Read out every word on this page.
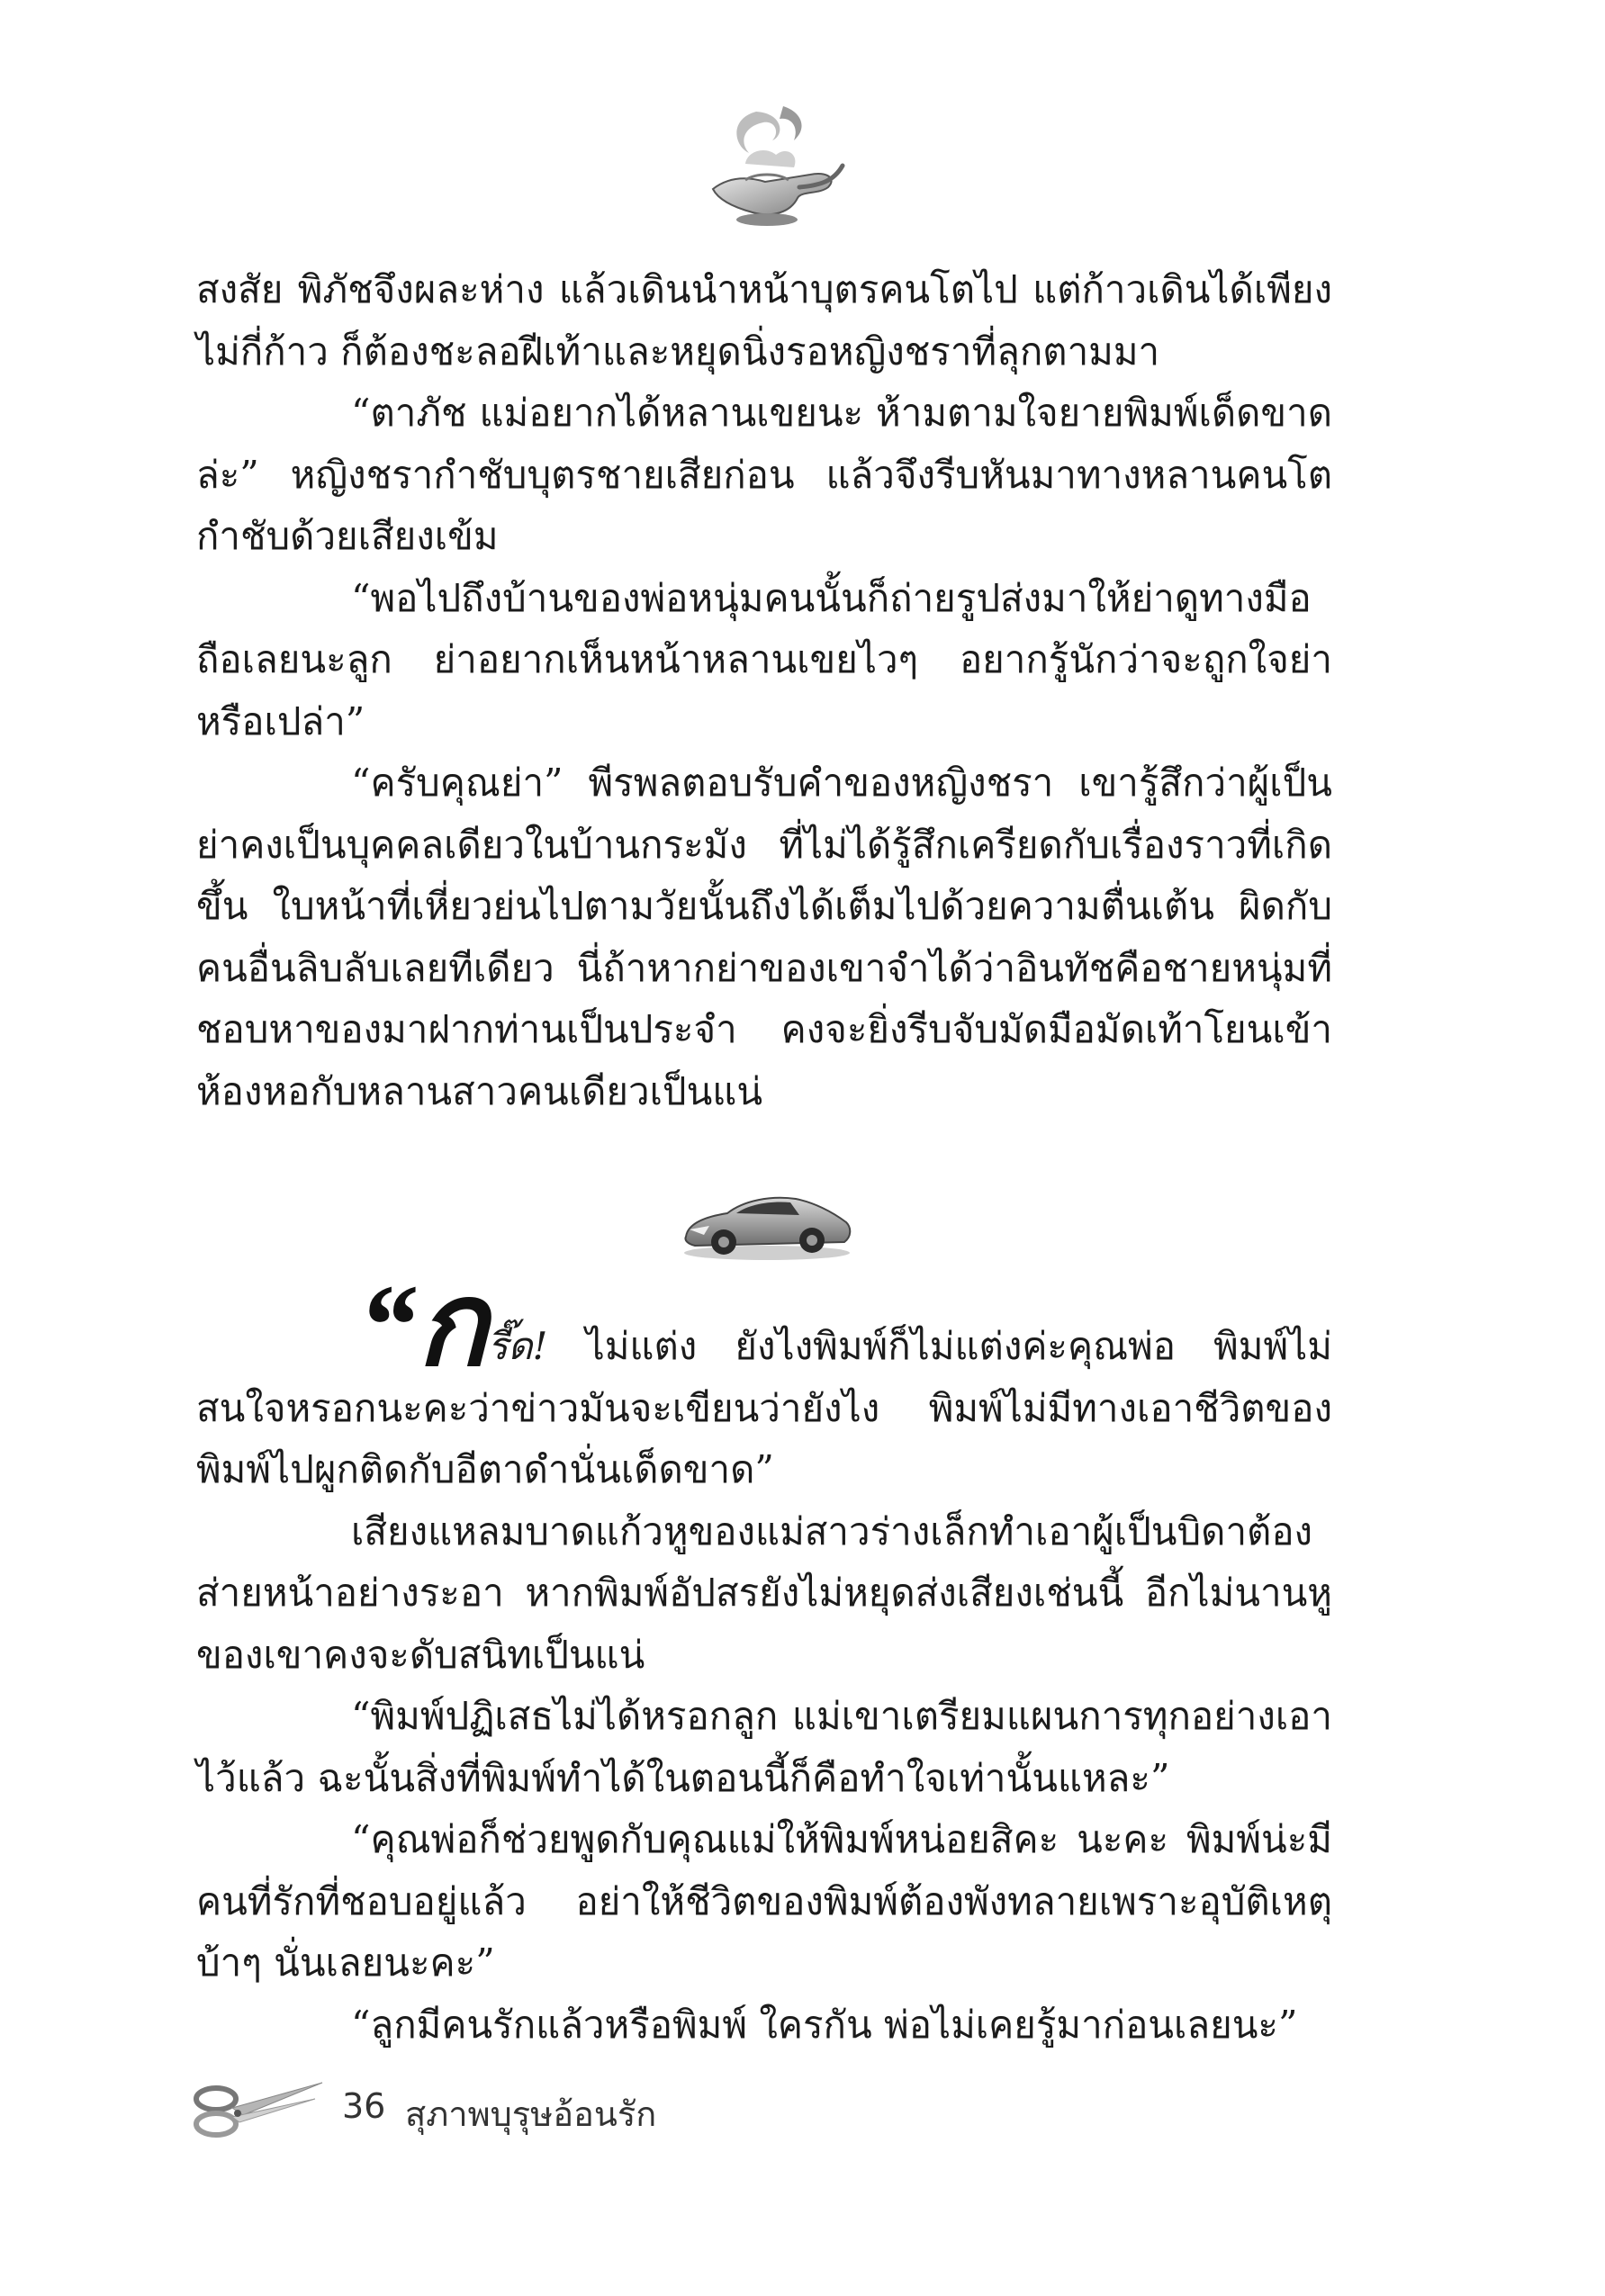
สงสัย พิภัชจึงผละห่าง แล้วเดินนำหน้าบุตรคนโตไป แต่ก้าวเดินได้เพียงไม่กี่ก้าว ก็ต้องชะลอฝีเท้าและหยุดนิ่งรอหญิงชราที่ลุกตามมา

“ตาภัช แม่อยากได้หลานเขยนะ ห้ามตามใจยายพิมพ์เด็ดขาดล่ะ” หญิงชรากำชับบุตรชายเสียก่อน แล้วจึงรีบหันมาทางหลานคนโตกำชับด้วยเสียงเข้ม

“พอไปถึงบ้านของพ่อหนุ่มคนนั้นก็ถ่ายรูปส่งมาให้ย่าดูทางมือถือเลยนะลูก ย่าอยากเห็นหน้าหลานเขยไวๆ อยากรู้นักว่าจะถูกใจย่าหรือเปล่า”

“ครับคุณย่า” พีรพลตอบรับคำของหญิงชรา เขารู้สึกว่าผู้เป็นย่าคงเป็นบุคคลเดียวในบ้านกระมัง ที่ไม่ได้รู้สึกเครียดกับเรื่องราวที่เกิดขึ้น ใบหน้าที่เหี่ยวย่นไปตามวัยนั้นถึงได้เต็มไปด้วยความตื่นเต้น ผิดกับคนอื่นลิบลับเลยทีเดียว นี่ถ้าหากย่าของเขาจำได้ว่าอินทัชคือชายหนุ่มที่ชอบหาของมาฝากท่านเป็นประจำ คงจะยิ่งรีบจับมัดมือมัดเท้าโยนเข้าห้องหอกับหลานสาวคนเดียวเป็นแน่

“กรี๊ด! ไม่แต่ง ยังไงพิมพ์ก็ไม่แต่งค่ะคุณพ่อ พิมพ์ไม่สนใจหรอกนะคะว่าข่าวมันจะเขียนว่ายังไง พิมพ์ไม่มีทางเอาชีวิตของพิมพ์ไปผูกติดกับอีตาดำนั่นเด็ดขาด”

เสียงแหลมบาดแก้วหูของแม่สาวร่างเล็กทำเอาผู้เป็นบิดาต้องส่ายหน้าอย่างระอา หากพิมพ์อัปสรยังไม่หยุดส่งเสียงเช่นนี้ อีกไม่นานหูของเขาคงจะดับสนิทเป็นแน่

“พิมพ์ปฏิเสธไม่ได้หรอกลูก แม่เขาเตรียมแผนการทุกอย่างเอาไว้แล้ว ฉะนั้นสิ่งที่พิมพ์ทำได้ในตอนนี้ก็คือทำใจเท่านั้นแหละ”

“คุณพ่อก็ช่วยพูดกับคุณแม่ให้พิมพ์หน่อยสิคะ นะคะ พิมพ์น่ะมีคนที่รักที่ชอบอยู่แล้ว อย่าให้ชีวิตของพิมพ์ต้องพังทลายเพราะอุบัติเหตุบ้าๆ นั่นเลยนะคะ”

“ลูกมีคนรักแล้วหรือพิมพ์ ใครกัน พ่อไม่เคยรู้มาก่อนเลยนะ”

36 สุภาพบุรุษอ้อนรัก
